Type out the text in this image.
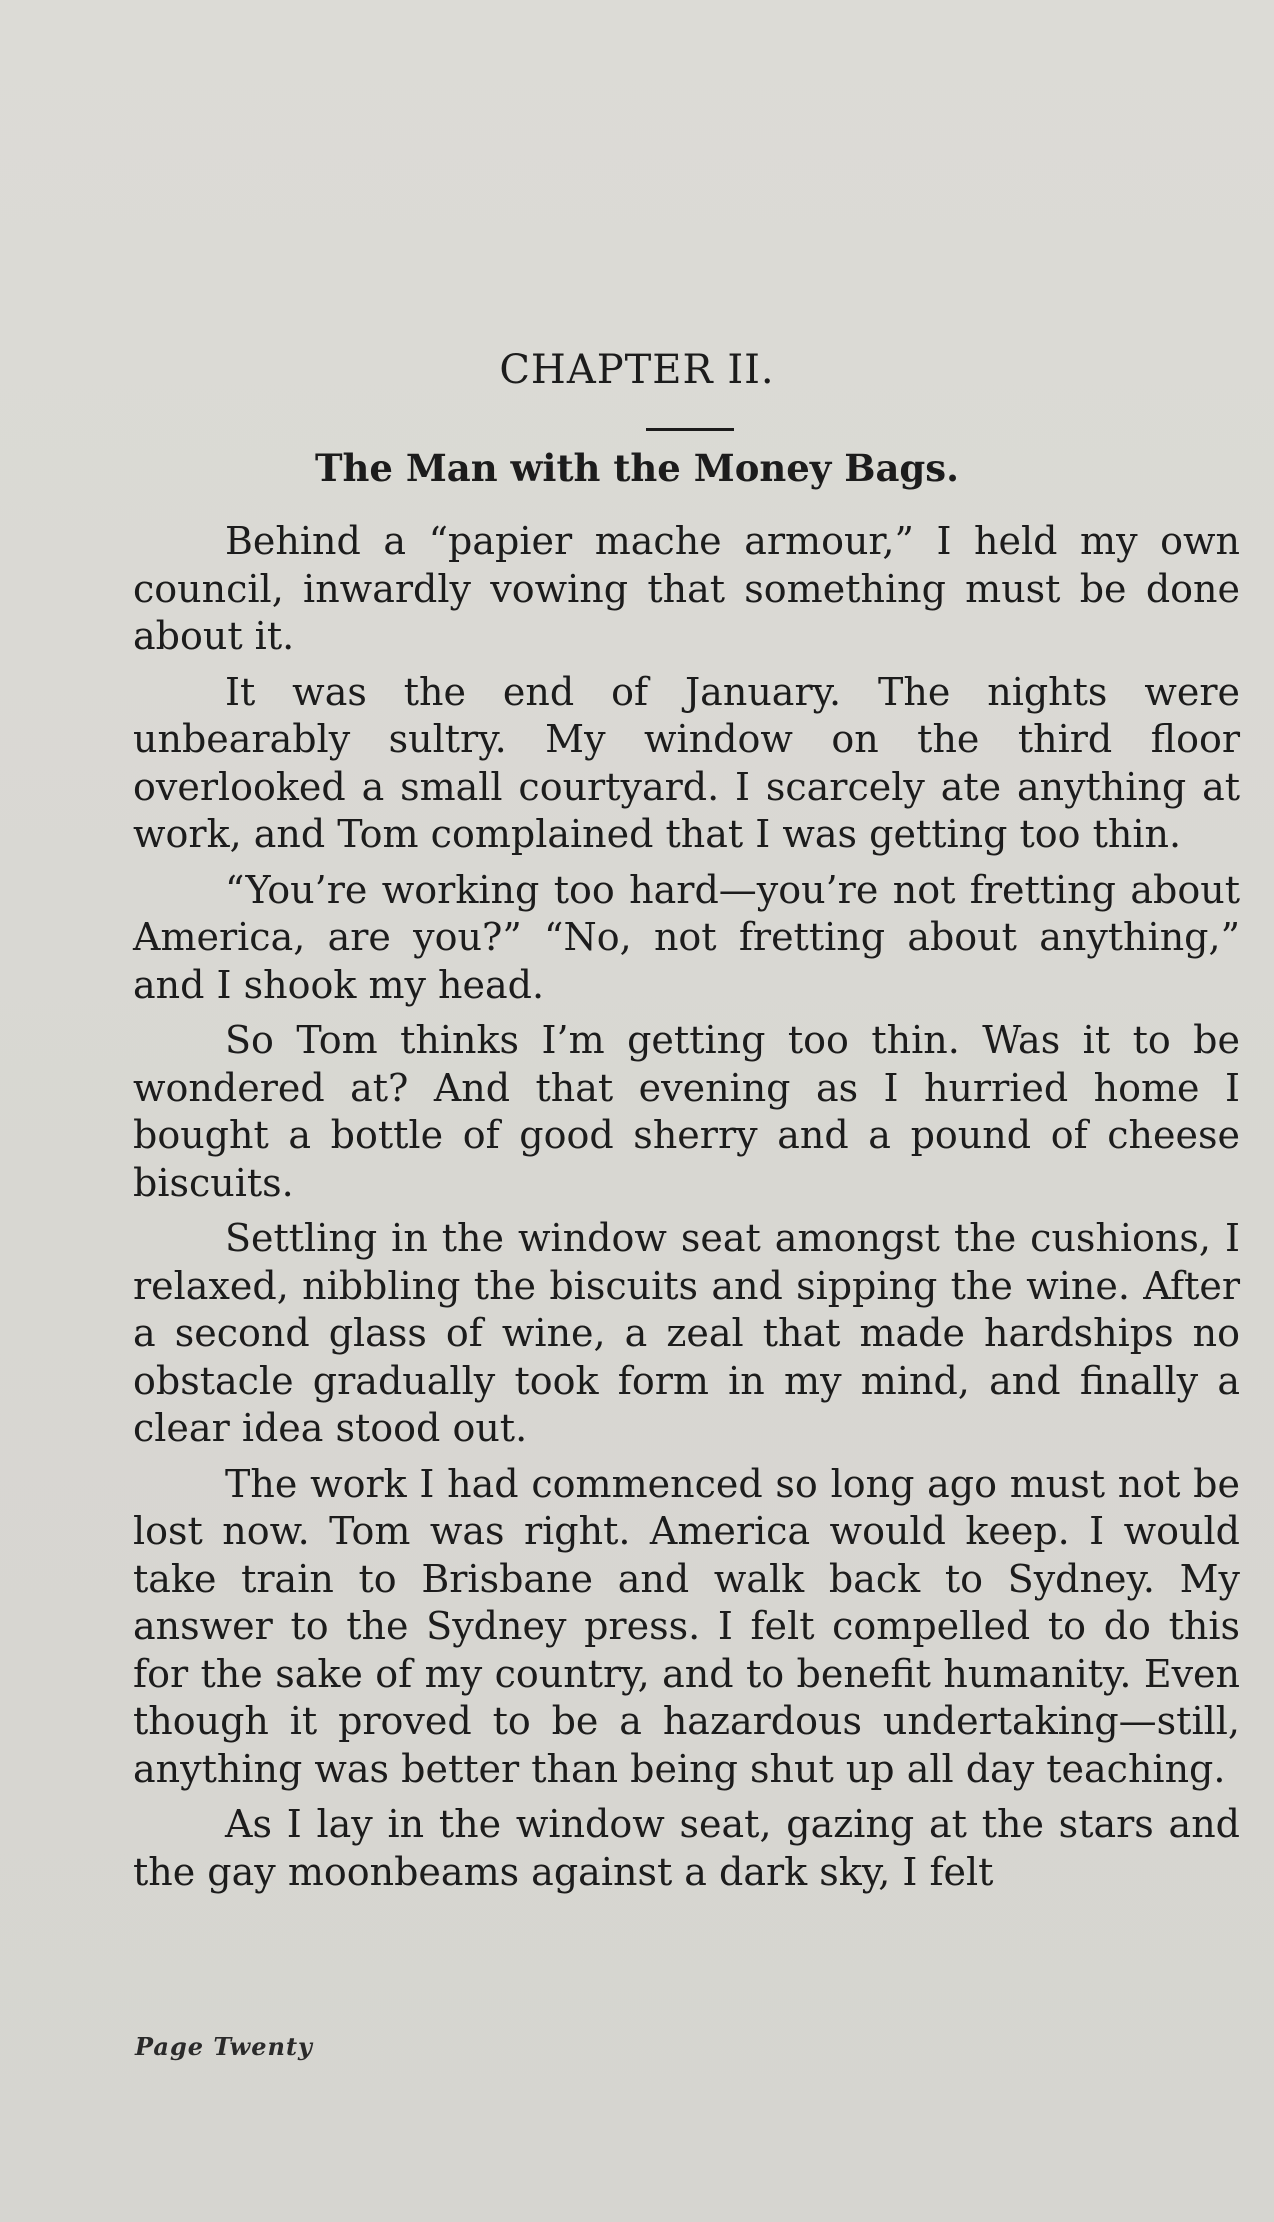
CHAPTER II.
The Man with the Money Bags.

Behind a “papier mache armour,” I held my own council, inwardly vowing that something must be done about it.

It was the end of January. The nights were unbearably sultry. My window on the third floor overlooked a small courtyard. I scarcely ate anything at work, and Tom complained that I was getting too thin.

“You’re working too hard—you’re not fretting about America, are you?” “No, not fretting about anything,” and I shook my head.

So Tom thinks I’m getting too thin. Was it to be wondered at? And that evening as I hurried home I bought a bottle of good sherry and a pound of cheese biscuits.

Settling in the window seat amongst the cushions, I relaxed, nibbling the biscuits and sipping the wine. After a second glass of wine, a zeal that made hardships no obstacle gradually took form in my mind, and finally a clear idea stood out.

The work I had commenced so long ago must not be lost now. Tom was right. America would keep. I would take train to Brisbane and walk back to Sydney. My answer to the Sydney press. I felt compelled to do this for the sake of my country, and to benefit humanity. Even though it proved to be a hazardous undertaking—still, anything was better than being shut up all day teaching.

As I lay in the window seat, gazing at the stars and the gay moonbeams against a dark sky, I felt

Page Twenty
